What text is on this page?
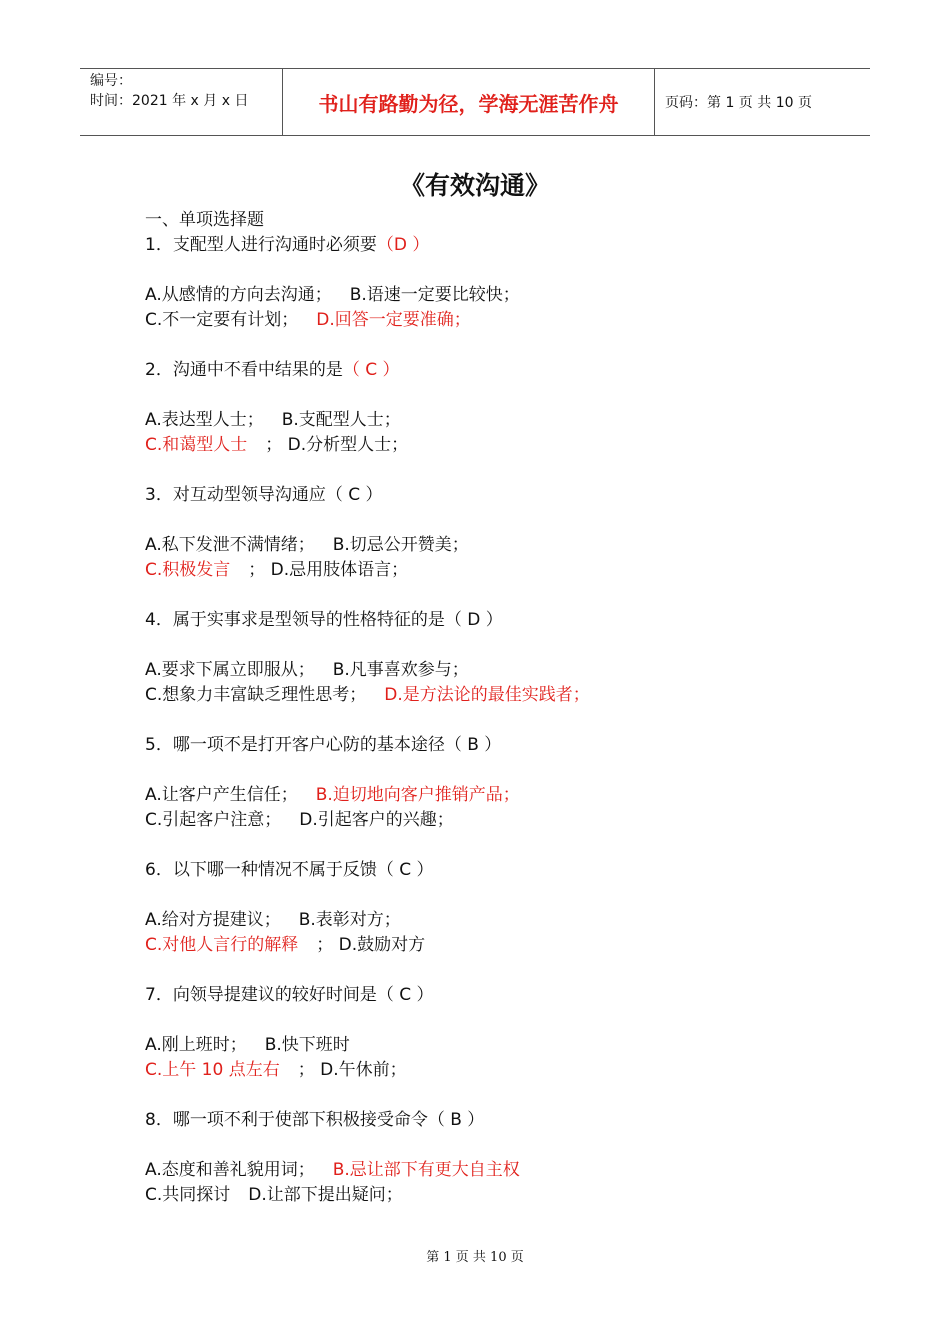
编号：
时间：2021 年 x 月 x 日	书山有路勤为径，学海无涯苦作舟	页码：第 1 页 共 10 页
《有效沟通》
一、单项选择题
1．支配型人进行沟通时必须要（D ）
A.从感情的方向去沟通； B.语速一定要比较快；
C.不一定要有计划； D.回答一定要准确；
2．沟通中不看中结果的是（ C ）
A.表达型人士； B.支配型人士；
C.和蔼型人士 ； D.分析型人士；
3．对互动型领导沟通应（ C ）
A.私下发泄不满情绪； B.切忌公开赞美；
C.积极发言 ； D.忌用肢体语言；
4．属于实事求是型领导的性格特征的是（ D ）
A.要求下属立即服从； B.凡事喜欢参与；
C.想象力丰富缺乏理性思考； D.是方法论的最佳实践者；
5．哪一项不是打开客户心防的基本途径（ B ）
A.让客户产生信任； B.迫切地向客户推销产品；
C.引起客户注意； D.引起客户的兴趣；
6．以下哪一种情况不属于反馈（ C ）
A.给对方提建议； B.表彰对方；
C.对他人言行的解释 ； D.鼓励对方
7．向领导提建议的较好时间是（ C ）
A.刚上班时； B.快下班时
C.上午 10 点左右 ； D.午休前；
8．哪一项不利于使部下积极接受命令（ B ）
A.态度和善礼貌用词； B.忌让部下有更大自主权
C.共同探讨 D.让部下提出疑问；
第 1 页 共 10 页
